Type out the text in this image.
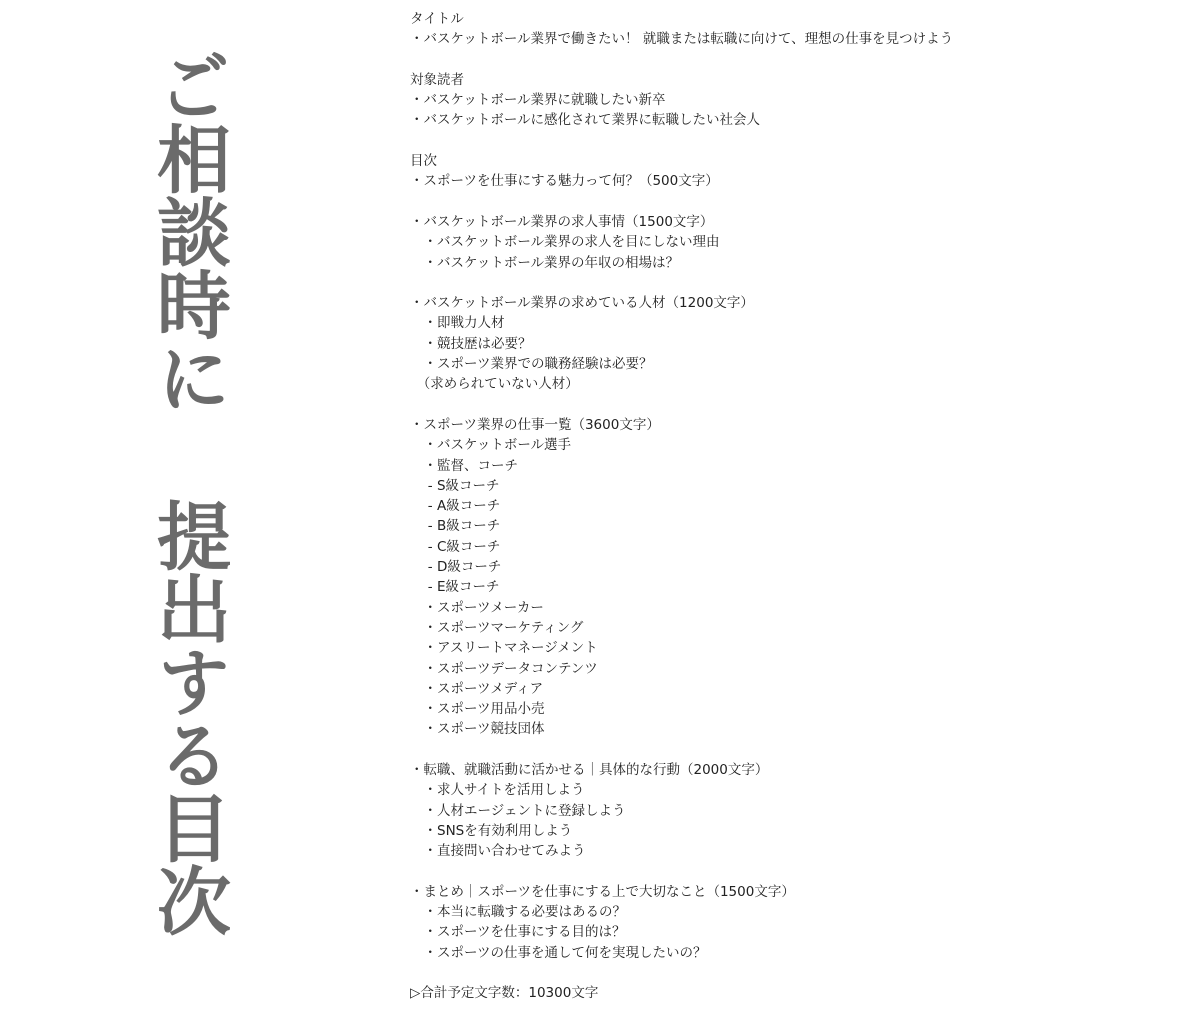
ご相談時に 提出する目次
タイトル
・バスケットボール業界で働きたい！ 就職または転職に向けて、理想の仕事を見つけよう
対象読者
・バスケットボール業界に就職したい新卒
・バスケットボールに感化されて業界に転職したい社会人
目次
・スポーツを仕事にする魅力って何？（500文字）
・バスケットボール業界の求人事情（1500文字）
　・バスケットボール業界の求人を目にしない理由
　・バスケットボール業界の年収の相場は？
・バスケットボール業界の求めている人材（1200文字）
　・即戦力人材
　・競技歴は必要？
　・スポーツ業界での職務経験は必要？
　（求められていない人材）
・スポーツ業界の仕事一覧（3600文字）
　・バスケットボール選手
　・監督、コーチ
　 - S級コーチ
　 - A級コーチ
　 - B級コーチ
　 - C級コーチ
　 - D級コーチ
　 - E級コーチ
　・スポーツメーカー
　・スポーツマーケティング
　・アスリートマネージメント
　・スポーツデータコンテンツ
　・スポーツメディア
　・スポーツ用品小売
　・スポーツ競技団体
・転職、就職活動に活かせる｜具体的な行動（2000文字）
　・求人サイトを活用しよう
　・人材エージェントに登録しよう
　・SNSを有効利用しよう
　・直接問い合わせてみよう
・まとめ｜スポーツを仕事にする上で大切なこと（1500文字）
　・本当に転職する必要はあるの？
　・スポーツを仕事にする目的は？
　・スポーツの仕事を通して何を実現したいの？
▷合計予定文字数：10300文字
